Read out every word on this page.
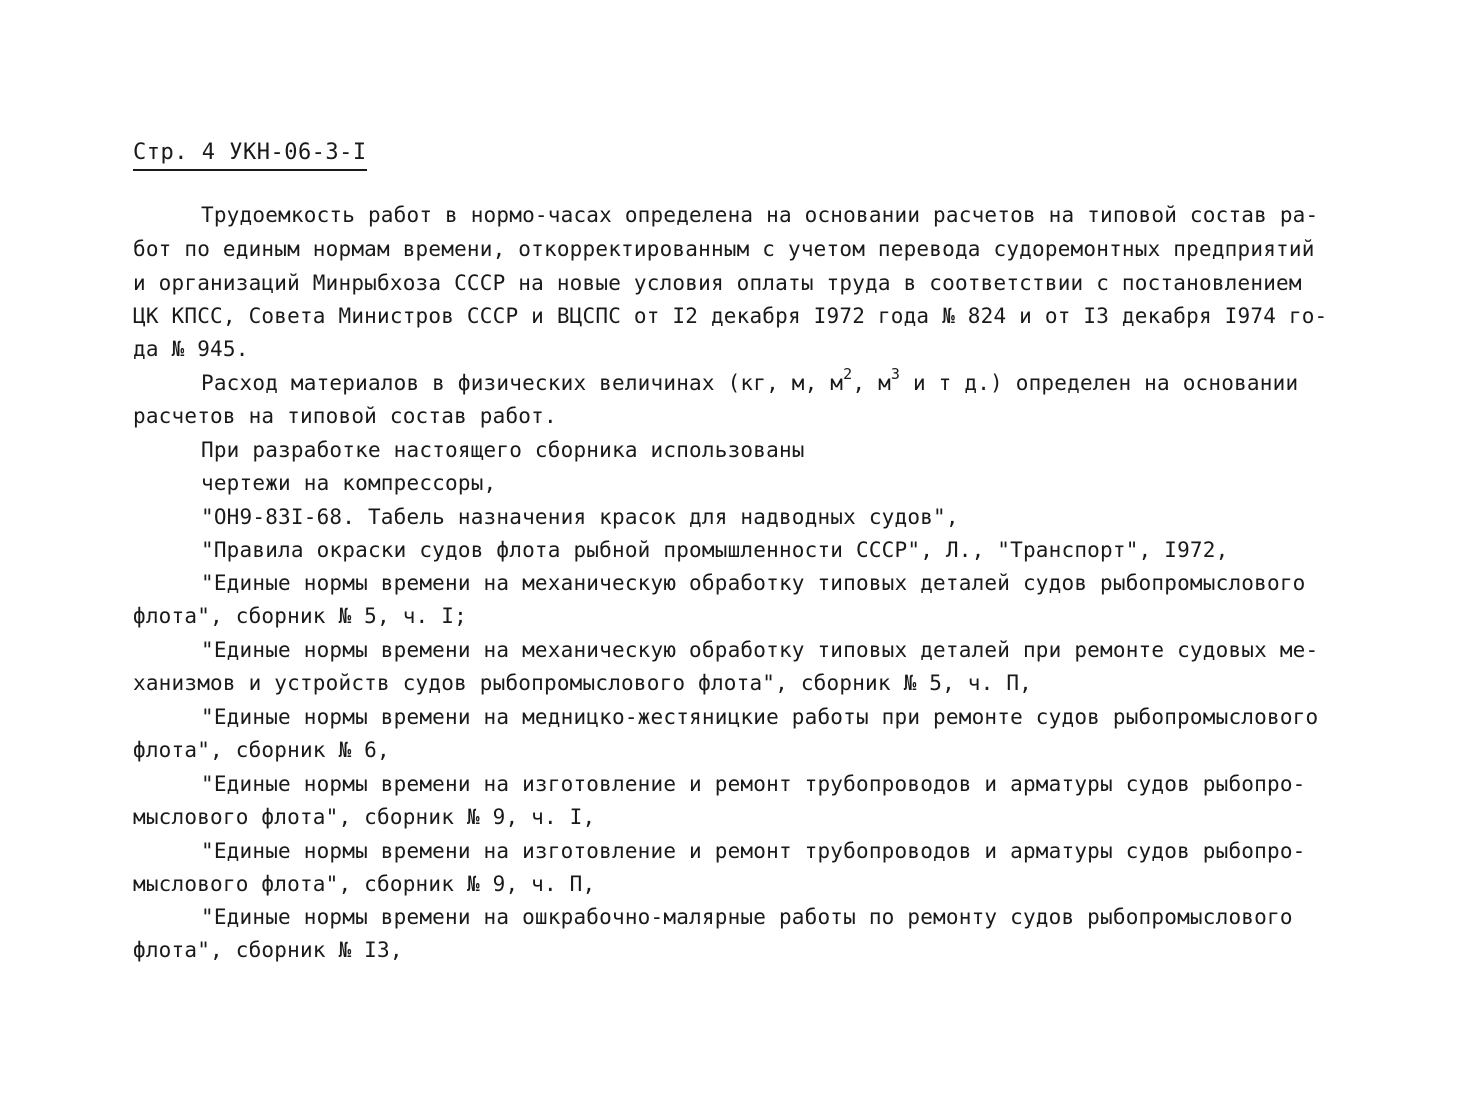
Стр. 4 УКН-06-3-I
Трудоемкость работ в нормо-часах определена на основании расчетов на типовой состав ра-
бот по единым нормам времени, откорректированным с учетом перевода судоремонтных предприятий
и организаций Минрыбхоза СССР на новые условия оплаты труда в соответствии с постановлением
ЦК КПСС, Совета Министров СССР и ВЦСПС от I2 декабря I972 года № 824 и от I3 декабря I974 го-
да № 945.
Расход материалов в физических величинах (кг, м, $м^2$, $м^3$ и т д.) определен на основании
расчетов на типовой состав работ.
При разработке настоящего сборника использованы
чертежи на компрессоры,
"ОН9-83I-68. Табель назначения красок для надводных судов",
"Правила окраски судов флота рыбной промышленности СССР", Л., "Транспорт", I972,
"Единые нормы времени на механическую обработку типовых деталей судов рыбопромыслового
флота", сборник № 5, ч. I;
"Единые нормы времени на механическую обработку типовых деталей при ремонте судовых ме-
ханизмов и устройств судов рыбопромыслового флота", сборник № 5, ч. П,
"Единые нормы времени на медницко-жестяницкие работы при ремонте судов рыбопромыслового
флота", сборник № 6,
"Единые нормы времени на изготовление и ремонт трубопроводов и арматуры судов рыбопро-
мыслового флота", сборник № 9, ч. I,
"Единые нормы времени на изготовление и ремонт трубопроводов и арматуры судов рыбопро-
мыслового флота", сборник № 9, ч. П,
"Единые нормы времени на ошкрабочно-малярные работы по ремонту судов рыбопромыслового
флота", сборник № I3,
